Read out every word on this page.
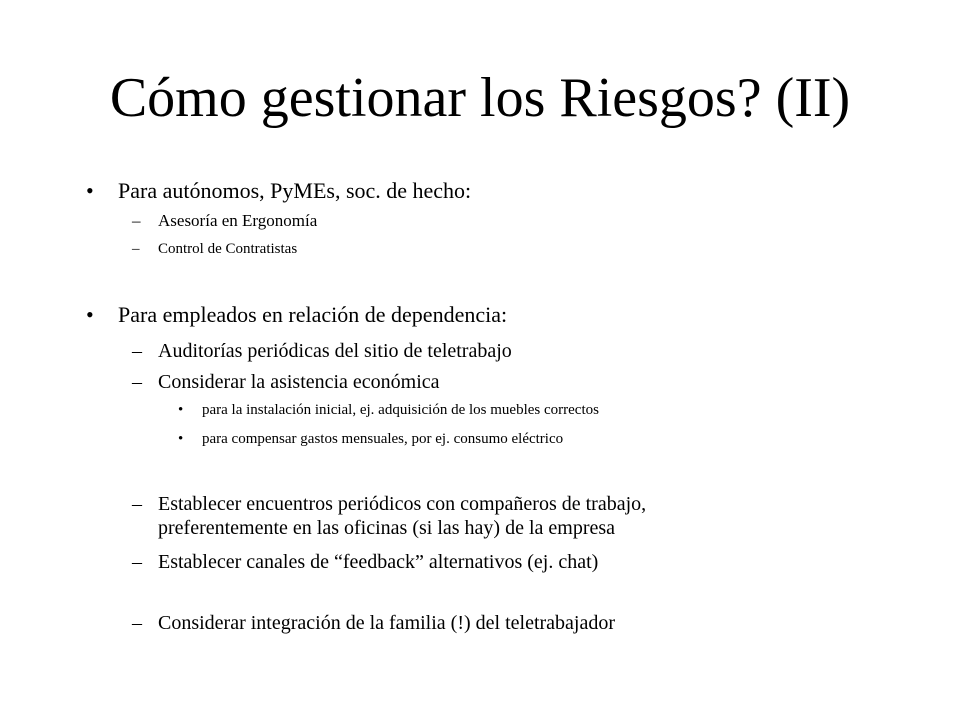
Cómo gestionar los Riesgos? (II)
• Para autónomos, PyMEs, soc. de hecho:
– Asesoría en Ergonomía
– Control de Contratistas
• Para empleados en relación de dependencia:
– Auditorías periódicas del sitio de teletrabajo
– Considerar la asistencia económica
• para la instalación inicial, ej. adquisición de los muebles correctos
• para compensar gastos mensuales, por ej. consumo eléctrico
– Establecer encuentros periódicos con compañeros de trabajo, preferentemente en las oficinas (si las hay) de la empresa
– Establecer canales de “feedback” alternativos (ej. chat)
– Considerar integración de la familia (!) del teletrabajador
